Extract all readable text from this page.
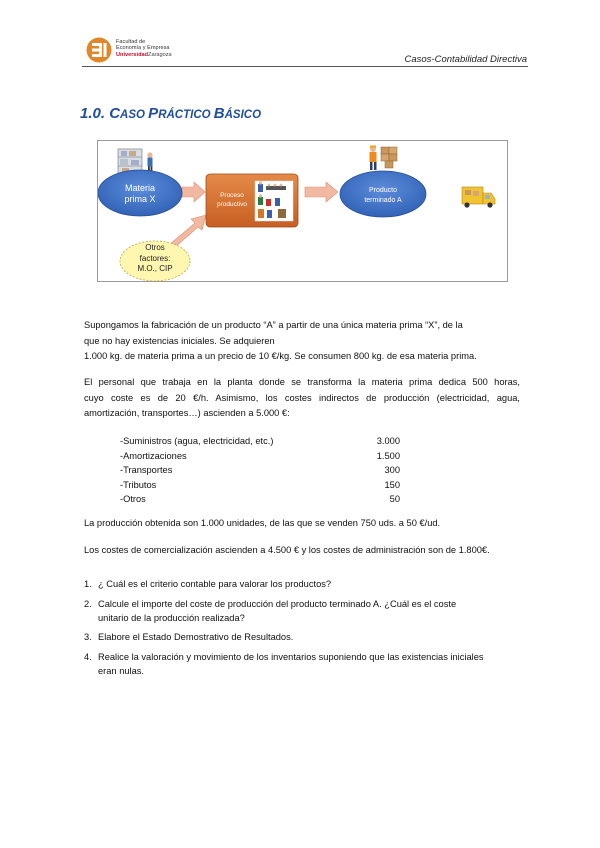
Facultad de
Economía y Empresa
UniversidadZaragoza	Casos-Contabilidad Directiva
1.0. CASO PRÁCTICO BÁSICO
Materia
prima X	Proceso
productivo
Producto
terminado A
Otros
factores:
M.O., CIP
Supongamos la fabricación de un producto “A” a partir de una única materia prima “X”, de la
que no hay existencias iniciales. Se adquieren
1.000 kg. de materia prima a un precio de 10 €/kg. Se consumen 800 kg. de esa materia prima.
El personal que trabaja en la planta donde se transforma la materia prima dedica 500 horas,
cuyo coste es de 20 €/h. Asimismo, los costes indirectos de producción (electricidad, agua,
amortización, transportes…) ascienden a 5.000 €:
-Suministros (agua, electricidad, etc.)	3.000
-Amortizaciones	1.500
-Transportes	300
-Tributos	150
-Otros	50
La producción obtenida son 1.000 unidades, de las que se venden 750 uds. a 50 €/ud.
Los costes de comercialización ascienden a 4.500 € y los costes de administración son de 1.800€.
1. ¿ Cuál es el criterio contable para valorar los productos?
2. Calcule el importe del coste de producción del producto terminado A. ¿Cuál es el coste
unitario de la producción realizada?
3. Elabore el Estado Demostrativo de Resultados.
4. Realice la valoración y movimiento de los inventarios suponiendo que las existencias iniciales
eran nulas.
